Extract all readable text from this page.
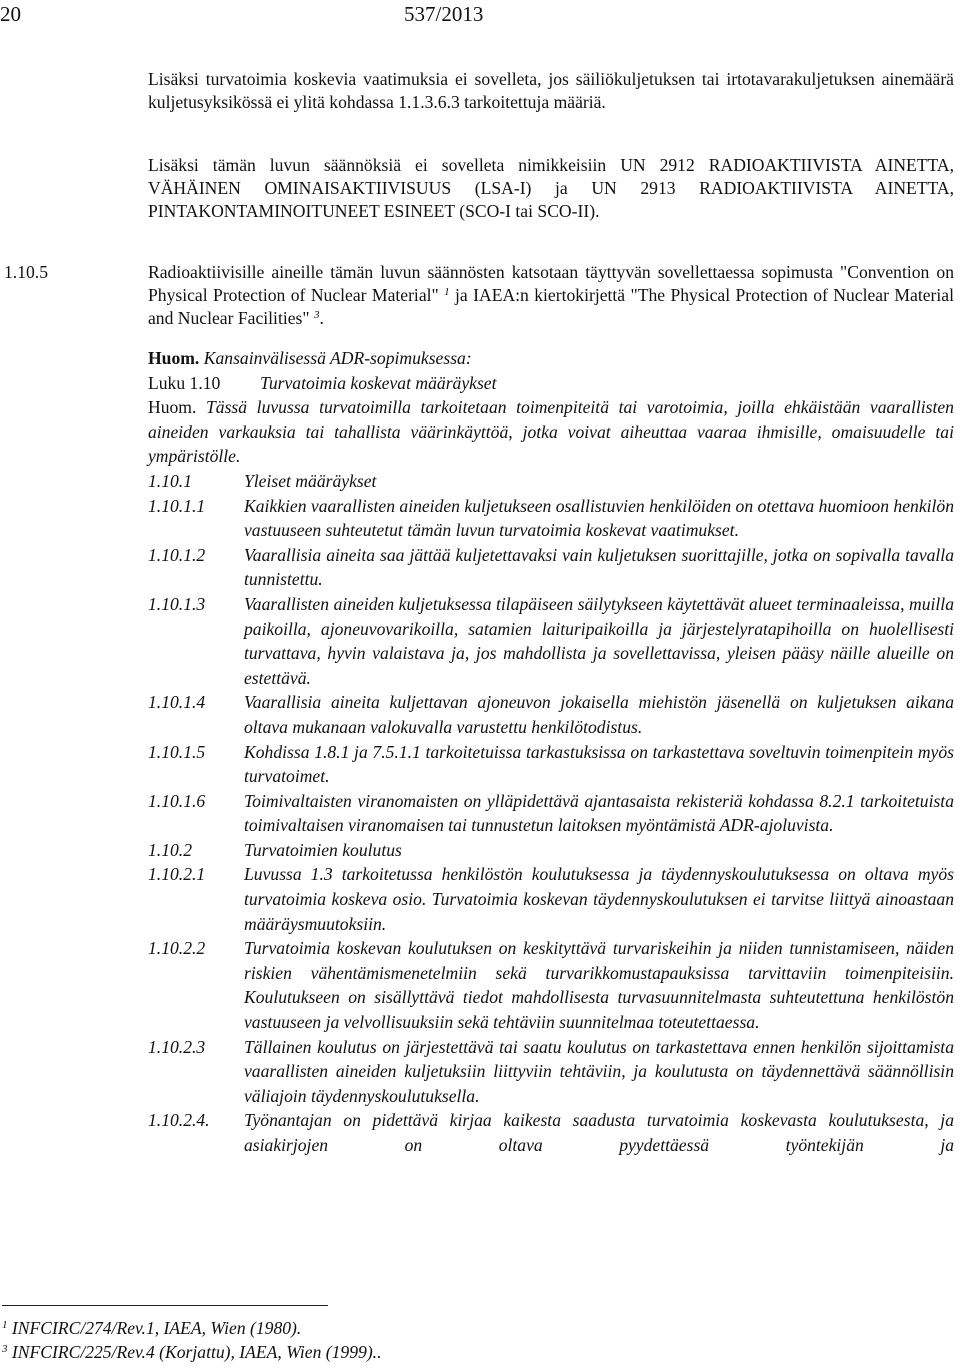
20	537/2013

Lisäksi turvatoimia koskevia vaatimuksia ei sovelleta, jos säiliökuljetuksen tai irtotavarakuljetuksen ainemäärä kuljetusyksikössä ei ylitä kohdassa 1.1.3.6.3 tarkoitettuja määriä.

Lisäksi tämän luvun säännöksiä ei sovelleta nimikkeisiin UN 2912 RADIOAKTIIVISTA AINETTA, VÄHÄINEN OMINAISAKTIIVISUUS (LSA-I) ja UN 2913 RADIOAKTIIVISTA AINETTA, PINTAKONTAMINOITUNEET ESINEET (SCO-I tai SCO-II).

1.10.5	Radioaktiivisille aineille tämän luvun säännösten katsotaan täyttyvän sovellettaessa sopimusta "Convention on Physical Protection of Nuclear Material" $^1$ ja IAEA:n kiertokirjettä "The Physical Protection of Nuclear Material and Nuclear Facilities" $^3$.

Huom. Kansainvälisessä ADR-sopimuksessa:
Luku 1.10 Turvatoimia koskevat määräykset
Huom. Tässä luvussa turvatoimilla tarkoitetaan toimenpiteitä tai varotoimia, joilla ehkäistään vaarallisten aineiden varkauksia tai tahallista väärinkäyttöä, jotka voivat aiheuttaa vaaraa ihmisille, omaisuudelle tai ympäristölle.
1.10.1	Yleiset määräykset
1.10.1.1	Kaikkien vaarallisten aineiden kuljetukseen osallistuvien henkilöiden on otettava huomioon henkilön vastuuseen suhteutetut tämän luvun turvatoimia koskevat vaatimukset.
1.10.1.2	Vaarallisia aineita saa jättää kuljetettavaksi vain kuljetuksen suorittajille, jotka on sopivalla tavalla tunnistettu.
1.10.1.3	Vaarallisten aineiden kuljetuksessa tilapäiseen säilytykseen käytettävät alueet terminaaleissa, muilla paikoilla, ajoneuvovarikoilla, satamien laituripaikoilla ja järjestelyratapihoilla on huolellisesti turvattava, hyvin valaistava ja, jos mahdollista ja sovellettavissa, yleisen pääsy näille alueille on estettävä.
1.10.1.4	Vaarallisia aineita kuljettavan ajoneuvon jokaisella miehistön jäsenellä on kuljetuksen aikana oltava mukanaan valokuvalla varustettu henkilötodistus.
1.10.1.5	Kohdissa 1.8.1 ja 7.5.1.1 tarkoitetuissa tarkastuksissa on tarkastettava soveltuvin toimenpitein myös turvatoimet.
1.10.1.6	Toimivaltaisten viranomaisten on ylläpidettävä ajantasaista rekisteriä kohdassa 8.2.1 tarkoitetuista toimivaltaisen viranomaisen tai tunnustetun laitoksen myöntämistä ADR-ajoluvista.
1.10.2	Turvatoimien koulutus
1.10.2.1	Luvussa 1.3 tarkoitetussa henkilöstön koulutuksessa ja täydennyskoulutuksessa on oltava myös turvatoimia koskeva osio. Turvatoimia koskevan täydennyskoulutuksen ei tarvitse liittyä ainoastaan määräysmuutoksiin.
1.10.2.2	Turvatoimia koskevan koulutuksen on keskityttävä turvariskeihin ja niiden tunnistamiseen, näiden riskien vähentämismenetelmiin sekä turvarikkomustapauksissa tarvittaviin toimenpiteisiin. Koulutukseen on sisällyttävä tiedot mahdollisesta turvasuunnitelmasta suhteutettuna henkilöstön vastuuseen ja velvollisuuksiin sekä tehtäviin suunnitelmaa toteutettaessa.
1.10.2.3	Tällainen koulutus on järjestettävä tai saatu koulutus on tarkastettava ennen henkilön sijoittamista vaarallisten aineiden kuljetuksiin liittyviin tehtäviin, ja koulutusta on täydennettävä säännöllisin väliajoin täydennyskoulutuksella.
1.10.2.4.	Työnantajan on pidettävä kirjaa kaikesta saadusta turvatoimia koskevasta koulutuksesta, ja asiakirjojen on oltava pyydettäessä työntekijän ja
$^1$ INFCIRC/274/Rev.1, IAEA, Wien (1980).
$^3$ INFCIRC/225/Rev.4 (Korjattu), IAEA, Wien (1999)..
